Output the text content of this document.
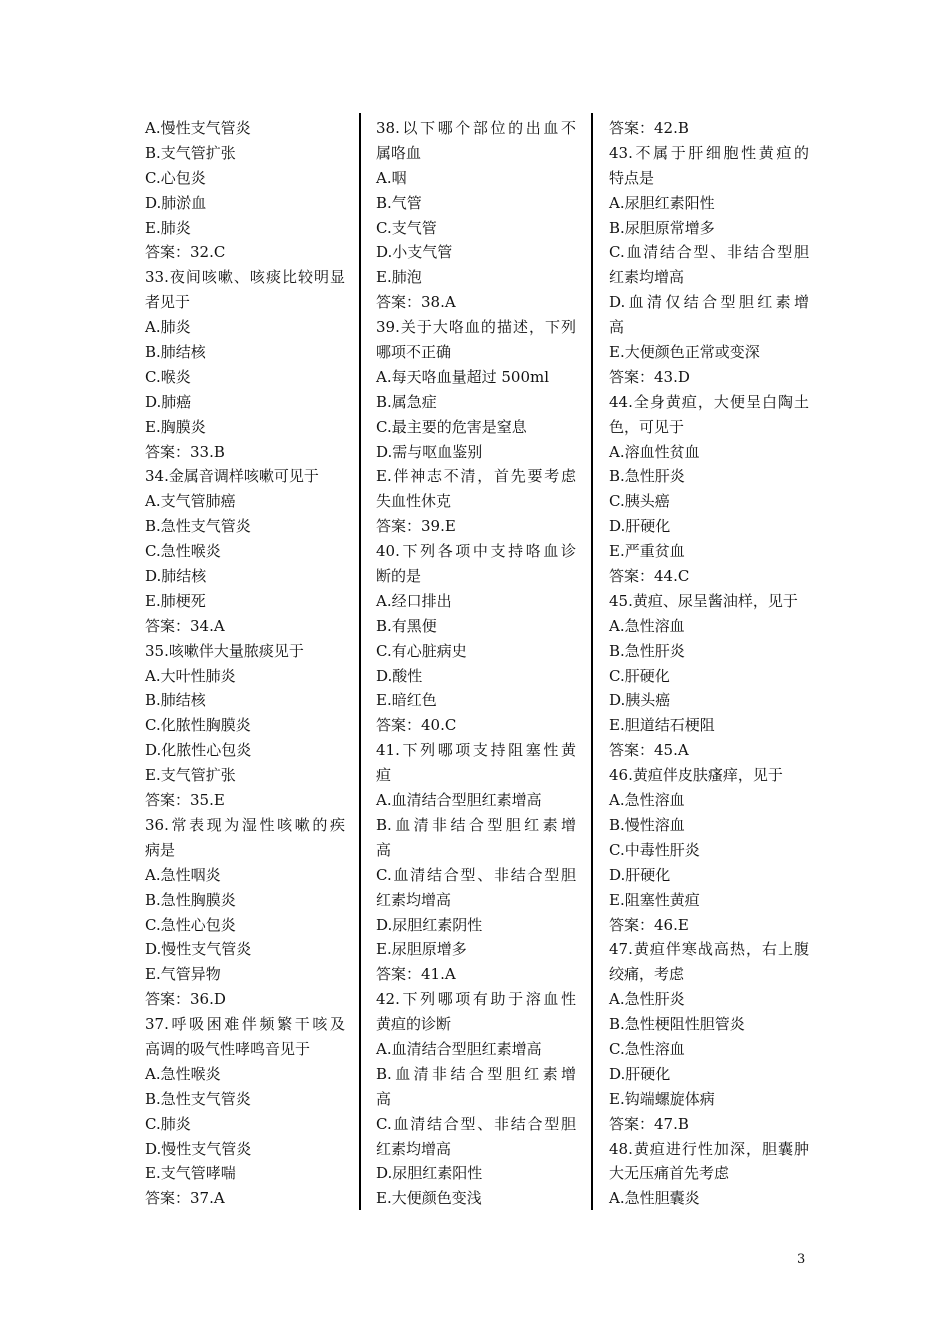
A.慢性支气管炎
B.支气管扩张
C.心包炎
D.肺淤血
E.肺炎
答案：32.C
33.夜间咳嗽、咳痰比较明显
者见于
A.肺炎
B.肺结核
C.喉炎
D.肺癌
E.胸膜炎
答案：33.B
34.金属音调样咳嗽可见于
A.支气管肺癌
B.急性支气管炎
C.急性喉炎
D.肺结核
E.肺梗死
答案：34.A
35.咳嗽伴大量脓痰见于
A.大叶性肺炎
B.肺结核
C.化脓性胸膜炎
D.化脓性心包炎
E.支气管扩张
答案：35.E
36.常表现为湿性咳嗽的疾
病是
A.急性咽炎
B.急性胸膜炎
C.急性心包炎
D.慢性支气管炎
E.气管异物
答案：36.D
37.呼吸困难伴频繁干咳及
高调的吸气性哮鸣音见于
A.急性喉炎
B.急性支气管炎
C.肺炎
D.慢性支气管炎
E.支气管哮喘
答案：37.A
38.以下哪个部位的出血不
属咯血
A.咽
B.气管
C.支气管
D.小支气管
E.肺泡
答案：38.A
39.关于大咯血的描述，下列
哪项不正确
A.每天咯血量超过 500ml
B.属急症
C.最主要的危害是窒息
D.需与呕血鉴别
E.伴神志不清，首先要考虑
失血性休克
答案：39.E
40.下列各项中支持咯血诊
断的是
A.经口排出
B.有黑便
C.有心脏病史
D.酸性
E.暗红色
答案：40.C
41.下列哪项支持阻塞性黄
疸
A.血清结合型胆红素增高
B.血清非结合型胆红素增
高
C.血清结合型、非结合型胆
红素均增高
D.尿胆红素阴性
E.尿胆原增多
答案：41.A
42.下列哪项有助于溶血性
黄疸的诊断
A.血清结合型胆红素增高
B.血清非结合型胆红素增
高
C.血清结合型、非结合型胆
红素均增高
D.尿胆红素阳性
E.大便颜色变浅
答案：42.B
43.不属于肝细胞性黄疸的
特点是
A.尿胆红素阳性
B.尿胆原常增多
C.血清结合型、非结合型胆
红素均增高
D.血清仅结合型胆红素增
高
E.大便颜色正常或变深
答案：43.D
44.全身黄疸，大便呈白陶土
色，可见于
A.溶血性贫血
B.急性肝炎
C.胰头癌
D.肝硬化
E.严重贫血
答案：44.C
45.黄疸、尿呈酱油样，见于
A.急性溶血
B.急性肝炎
C.肝硬化
D.胰头癌
E.胆道结石梗阻
答案：45.A
46.黄疸伴皮肤瘙痒，见于
A.急性溶血
B.慢性溶血
C.中毒性肝炎
D.肝硬化
E.阻塞性黄疸
答案：46.E
47.黄疸伴寒战高热，右上腹
绞痛，考虑
A.急性肝炎
B.急性梗阻性胆管炎
C.急性溶血
D.肝硬化
E.钩端螺旋体病
答案：47.B
48.黄疸进行性加深，胆囊肿
大无压痛首先考虑
A.急性胆囊炎
3
